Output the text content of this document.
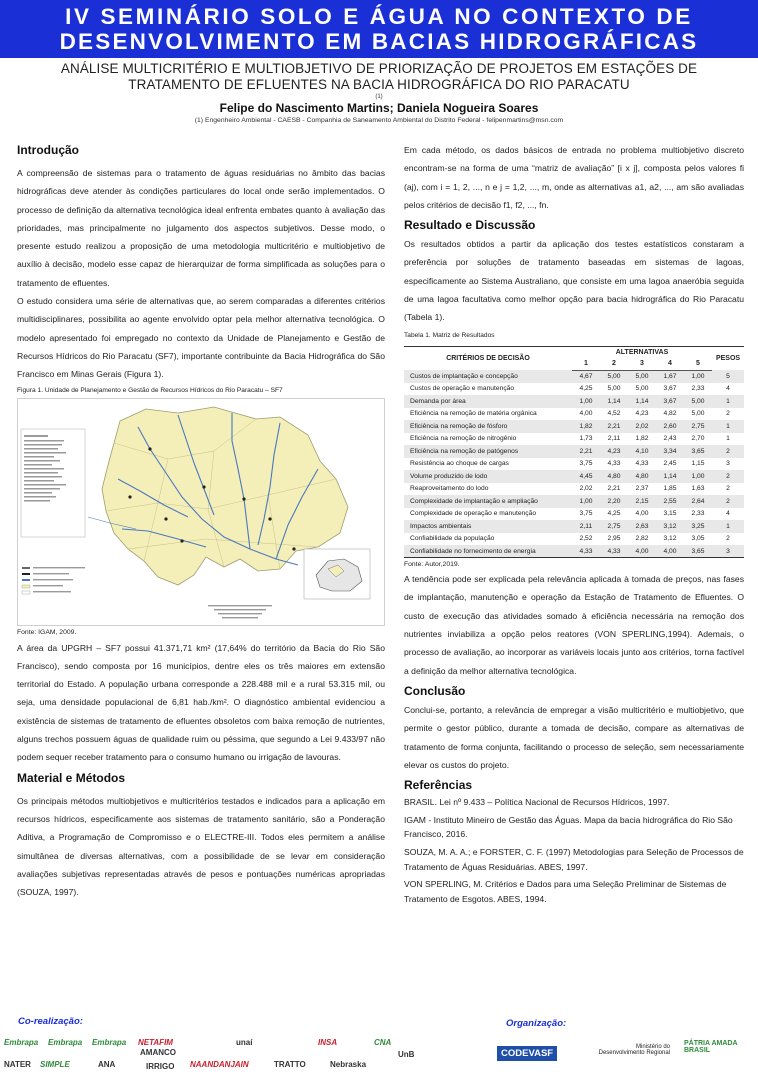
IV SEMINÁRIO SOLO E ÁGUA NO CONTEXTO DE
DESENVOLVIMENTO EM BACIAS HIDROGRÁFICAS
ANÁLISE MULTICRITÉRIO E MULTIOBJETIVO DE PRIORIZAÇÃO DE PROJETOS EM ESTAÇÕES DE
TRATAMENTO DE EFLUENTES NA BACIA HIDROGRÁFICA DO RIO PARACATU
(1)
Felipe do Nascimento Martins; Daniela Nogueira Soares
(1) Engenheiro Ambiental - CAESB - Companhia de Saneamento Ambiental do Distrito Federal - felipenmartins@msn.com
Introdução

A compreensão de sistemas para o tratamento de águas residuárias no âmbito das bacias hidrográficas deve atender às condições particulares do local onde serão implementados. O processo de definição da alternativa tecnológica ideal enfrenta embates quanto à avaliação das prioridades, mas principalmente no julgamento dos aspectos subjetivos. Desse modo, o presente estudo realizou a proposição de uma metodologia multicritério e multiobjetivo de auxílio à decisão, modelo esse capaz de hierarquizar de forma simplificada as soluções para o tratamento de efluentes.

O estudo considera uma série de alternativas que, ao serem comparadas a diferentes critérios multidisciplinares, possibilita ao agente envolvido optar pela melhor alternativa tecnológica. O modelo apresentado foi empregado no contexto da Unidade de Planejamento e Gestão de Recursos Hídricos do Rio Paracatu (SF7), importante contribuinte da Bacia Hidrográfica do São Francisco em Minas Gerais (Figura 1).

Figura 1. Unidade de Planejamento e Gestão de Recursos Hídricos do Rio Paracatu – SF7
Fonte: IGAM, 2009.

A área da UPGRH – SF7 possui 41.371,71 km² (17,64% do território da Bacia do Rio São Francisco), sendo composta por 16 municípios, dentre eles os três maiores em extensão territorial do Estado. A população urbana corresponde a 228.488 mil e a rural 53.315 mil, ou seja, uma densidade populacional de 6,81 hab./km². O diagnóstico ambiental evidenciou a existência de sistemas de tratamento de efluentes obsoletos com baixa remoção de nutrientes, alguns trechos possuem águas de qualidade ruim ou péssima, que segundo a Lei 9.433/97 não podem sequer receber tratamento para o consumo humano ou irrigação de lavouras.

Material e Métodos

Os principais métodos multiobjetivos e multicritérios testados e indicados para a aplicação em recursos hídricos, especificamente aos sistemas de tratamento sanitário, são a Ponderação Aditiva, a Programação de Compromisso e o ELECTRE-III. Todos eles permitem a análise simultânea de diversas alternativas, com a possibilidade de se levar em consideração avaliações subjetivas representadas através de pesos e pontuações numéricas apropriadas (SOUZA, 1997).

Em cada método, os dados básicos de entrada no problema multiobjetivo discreto encontram-se na forma de uma “matriz de avaliação” [i x j], composta pelos valores fi (aj), com i = 1, 2, ..., n e j = 1,2, ..., m, onde as alternativas a1, a2, ..., am são avaliadas pelos critérios de decisão f1, f2, ..., fn.

Resultado e Discussão

Os resultados obtidos a partir da aplicação dos testes estatísticos constaram a preferência por soluções de tratamento baseadas em sistemas de lagoas, especificamente ao Sistema Australiano, que consiste em uma lagoa anaeróbia seguida de uma lagoa facultativa como melhor opção para bacia hidrográfica do Rio Paracatu (Tabela 1).

Tabela 1. Matriz de Resultados
CRITÉRIOS DE DECISÃO	ALTERNATIVAS					PESOS
	1	2	3	4	5	
Custos de implantação e concepção	4,67	5,00	5,00	1,67	1,00	5
Custos de operação e manutenção	4,25	5,00	5,00	3,67	2,33	4
Demanda por área	1,00	1,14	1,14	3,67	5,00	1
Eficiência na remoção de matéria orgânica	4,00	4,52	4,23	4,82	5,00	2
Eficiência na remoção de fósforo	1,82	2,21	2,02	2,60	2,75	1
Eficiência na remoção de nitrogênio	1,73	2,11	1,82	2,43	2,70	1
Eficiência na remoção de patógenos	2,21	4,23	4,10	3,34	3,65	2
Resistência ao choque de cargas	3,75	4,33	4,33	2,45	1,15	3
Volume produzido de lodo	4,45	4,80	4,80	1,14	1,00	2
Reaproveitamento do lodo	2,02	2,21	2,37	1,85	1,63	2
Complexidade de implantação e ampliação	1,00	2,20	2,15	2,55	2,64	2
Complexidade de operação e manutenção	3,75	4,25	4,00	3,15	2,33	4
Impactos ambientais	2,11	2,75	2,63	3,12	3,25	1
Confiabilidade da população	2,52	2,95	2,82	3,12	3,05	2
Confiabilidade no fornecimento de energia	4,33	4,33	4,00	4,00	3,65	3
Fonte: Autor,2019.

A tendência pode ser explicada pela relevância aplicada à tomada de preços, nas fases de implantação, manutenção e operação da Estação de Tratamento de Efluentes. O custo de execução das atividades somado à eficiência necessária na remoção dos nutrientes inviabiliza a opção pelos reatores (VON SPERLING,1994). Ademais, o processo de avaliação, ao incorporar as variáveis locais junto aos critérios, torna factível a definição da melhor alternativa tecnológica.

Conclusão

Conclui-se, portanto, a relevância de empregar a visão multicritério e multiobjetivo, que permite o gestor público, durante a tomada de decisão, compare as alternativas de tratamento de forma conjunta, facilitando o processo de seleção, sem necessariamente elevar os custos do projeto.

Referências

BRASIL. Lei nº 9.433 – Política Nacional de Recursos Hídricos, 1997.

IGAM - Instituto Mineiro de Gestão das Águas. Mapa da bacia hidrográfica do Rio São Francisco, 2016.

SOUZA, M. A. A.; e FORSTER, C. F. (1997) Metodologias para Seleção de Processos de Tratamento de Águas Residuárias. ABES, 1997.

VON SPERLING, M. Critérios e Dados para uma Seleção Preliminar de Sistemas de Tratamento de Esgotos. ABES, 1994.

Co-realização:	Organização:
Embrapa Embrapa Embrapa NETAFIM
AMANCO
unaí
UnB
INSA	CNA
NATER SIMPLE	ANA	IRRIGO NAANDANJAIN	TRATTO	Nebraska
CODEVASF
Ministério do Desenvolvimento Regional
PÁTRIA AMADA BRASIL
